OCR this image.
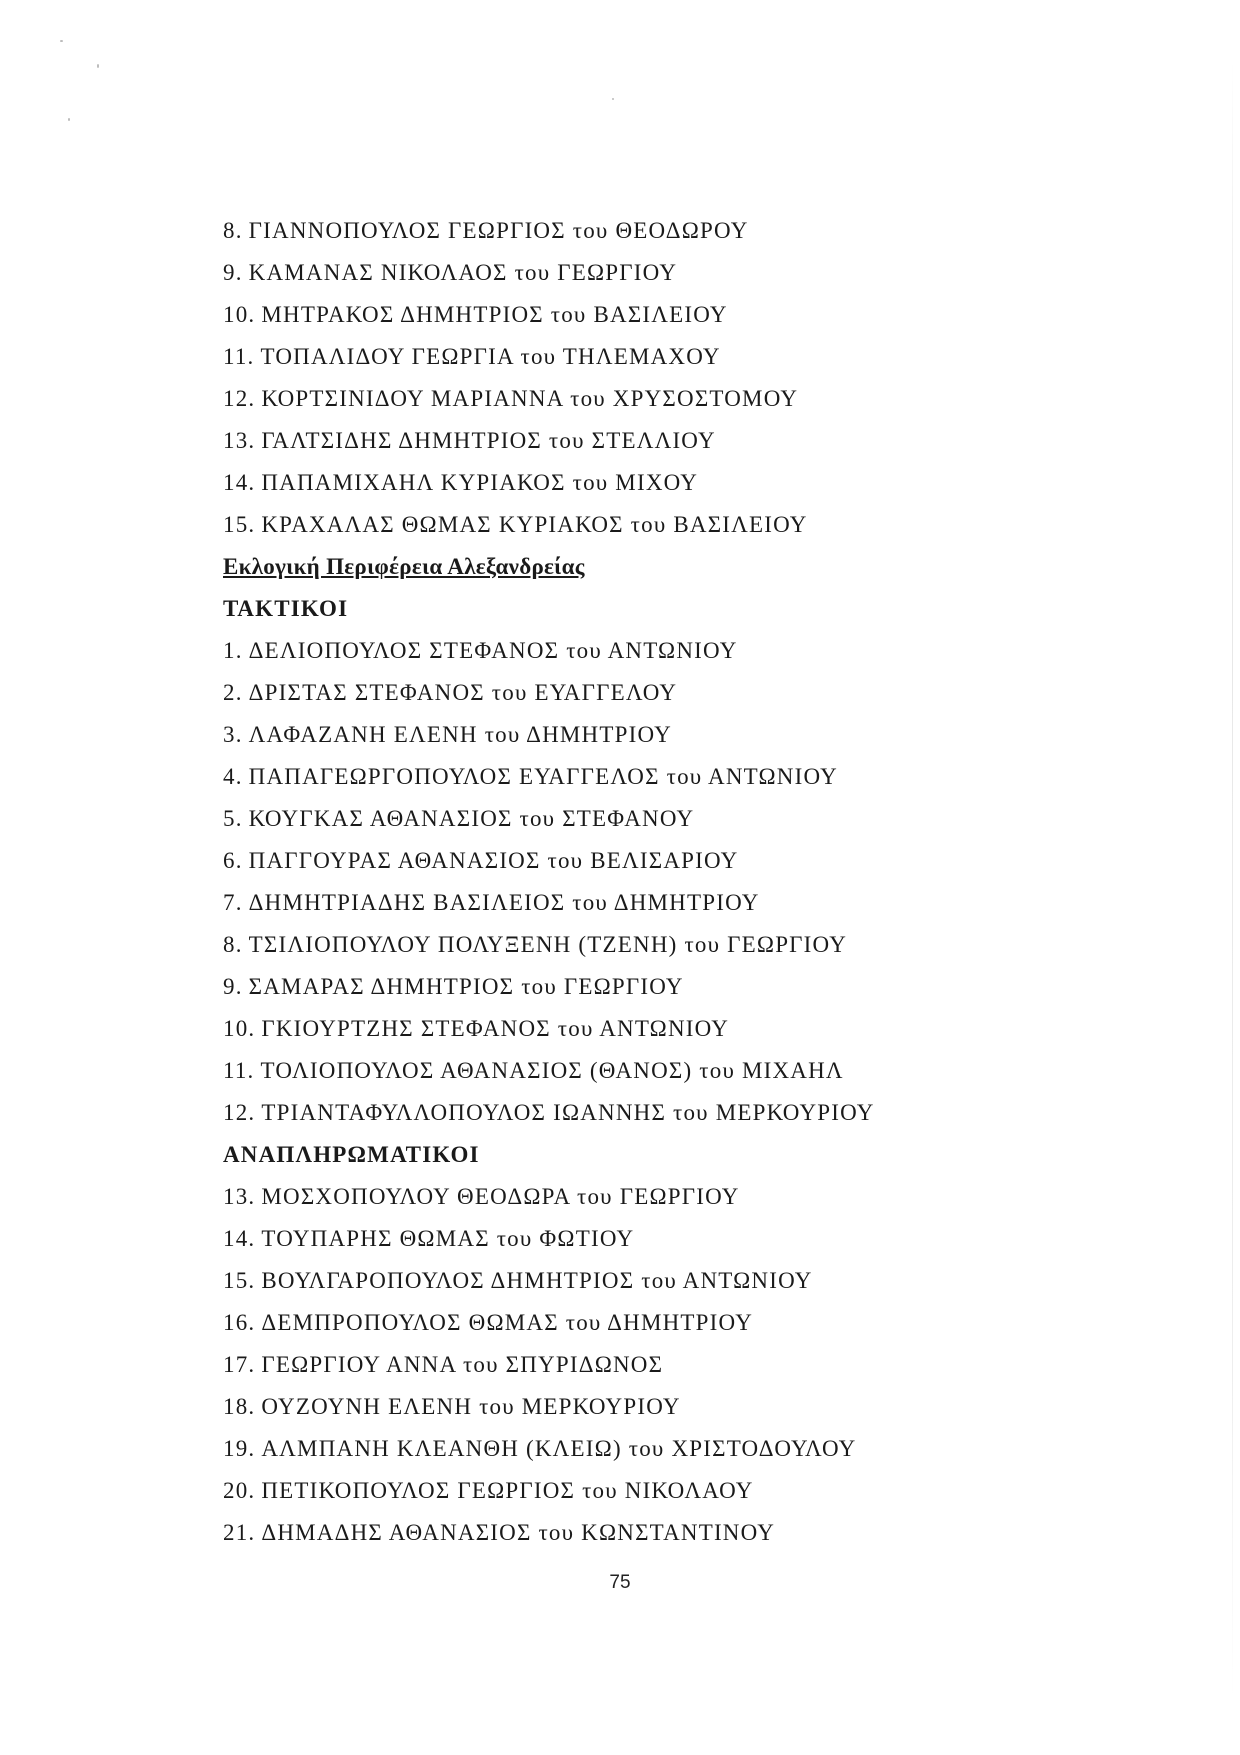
8. ΓΙΑΝΝΟΠΟΥΛΟΣ ΓΕΩΡΓΙΟΣ του ΘΕΟΔΩΡΟΥ
9. ΚΑΜΑΝΑΣ ΝΙΚΟΛΑΟΣ του ΓΕΩΡΓΙΟΥ
10. ΜΗΤΡΑΚΟΣ ΔΗΜΗΤΡΙΟΣ του ΒΑΣΙΛΕΙΟΥ
11. ΤΟΠΑΛΙΔΟΥ ΓΕΩΡΓΙΑ του ΤΗΛΕΜΑΧΟΥ
12. ΚΟΡΤΣΙΝΙΔΟΥ ΜΑΡΙΑΝΝΑ του ΧΡΥΣΟΣΤΟΜΟΥ
13. ΓΑΛΤΣΙΔΗΣ ΔΗΜΗΤΡΙΟΣ του ΣΤΕΛΛΙΟΥ
14. ΠΑΠΑΜΙΧΑΗΛ ΚΥΡΙΑΚΟΣ του ΜΙΧΟΥ
15. ΚΡΑΧΑΛΑΣ ΘΩΜΑΣ ΚΥΡΙΑΚΟΣ του ΒΑΣΙΛΕΙΟΥ
Εκλογική Περιφέρεια Αλεξανδρείας
ΤΑΚΤΙΚΟΙ
1. ΔΕΛΙΟΠΟΥΛΟΣ ΣΤΕΦΑΝΟΣ του ΑΝΤΩΝΙΟΥ
2. ΔΡΙΣΤΑΣ ΣΤΕΦΑΝΟΣ του ΕΥΑΓΓΕΛΟΥ
3. ΛΑΦΑΖΑΝΗ ΕΛΕΝΗ του ΔΗΜΗΤΡΙΟΥ
4. ΠΑΠΑΓΕΩΡΓΟΠΟΥΛΟΣ ΕΥΑΓΓΕΛΟΣ του ΑΝΤΩΝΙΟΥ
5. ΚΟΥΓΚΑΣ ΑΘΑΝΑΣΙΟΣ του ΣΤΕΦΑΝΟΥ
6. ΠΑΓΓΟΥΡΑΣ ΑΘΑΝΑΣΙΟΣ του ΒΕΛΙΣΑΡΙΟΥ
7. ΔΗΜΗΤΡΙΑΔΗΣ ΒΑΣΙΛΕΙΟΣ του ΔΗΜΗΤΡΙΟΥ
8. ΤΣΙΛΙΟΠΟΥΛΟΥ ΠΟΛΥΞΕΝΗ (ΤΖΕΝΗ) του ΓΕΩΡΓΙΟΥ
9. ΣΑΜΑΡΑΣ ΔΗΜΗΤΡΙΟΣ του ΓΕΩΡΓΙΟΥ
10. ΓΚΙΟΥΡΤΖΗΣ ΣΤΕΦΑΝΟΣ του ΑΝΤΩΝΙΟΥ
11. ΤΟΛΙΟΠΟΥΛΟΣ ΑΘΑΝΑΣΙΟΣ (ΘΑΝΟΣ) του ΜΙΧΑΗΛ
12. ΤΡΙΑΝΤΑΦΥΛΛΟΠΟΥΛΟΣ ΙΩΑΝΝΗΣ του ΜΕΡΚΟΥΡΙΟΥ
ΑΝΑΠΛΗΡΩΜΑΤΙΚΟΙ
13. ΜΟΣΧΟΠΟΥΛΟΥ ΘΕΟΔΩΡΑ του ΓΕΩΡΓΙΟΥ
14. ΤΟΥΠΑΡΗΣ ΘΩΜΑΣ του ΦΩΤΙΟΥ
15. ΒΟΥΛΓΑΡΟΠΟΥΛΟΣ ΔΗΜΗΤΡΙΟΣ του ΑΝΤΩΝΙΟΥ
16. ΔΕΜΠΡΟΠΟΥΛΟΣ ΘΩΜΑΣ του ΔΗΜΗΤΡΙΟΥ
17. ΓΕΩΡΓΙΟΥ ΑΝΝΑ του ΣΠΥΡΙΔΩΝΟΣ
18. ΟΥΖΟΥΝΗ ΕΛΕΝΗ του ΜΕΡΚΟΥΡΙΟΥ
19. ΑΛΜΠΑΝΗ ΚΛΕΑΝΘΗ (ΚΛΕΙΩ) του ΧΡΙΣΤΟΔΟΥΛΟΥ
20. ΠΕΤΙΚΟΠΟΥΛΟΣ ΓΕΩΡΓΙΟΣ του ΝΙΚΟΛΑΟΥ
21. ΔΗΜΑΔΗΣ ΑΘΑΝΑΣΙΟΣ του ΚΩΝΣΤΑΝΤΙΝΟΥ
75
